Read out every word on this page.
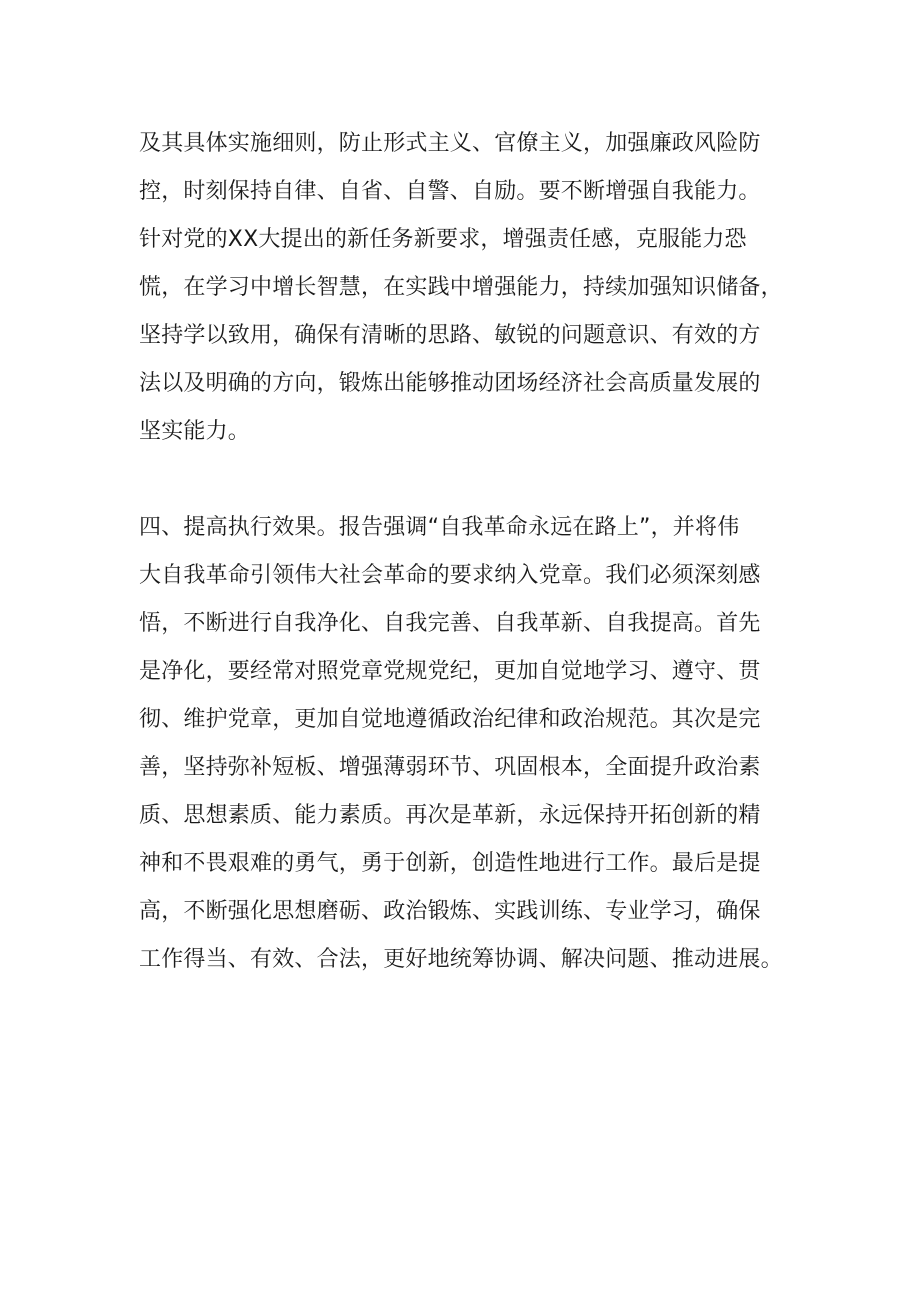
及其具体实施细则，防止形式主义、官僚主义，加强廉政风险防
控，时刻保持自律、自省、自警、自励。要不断增强自我能力。
针对党的XX大提出的新任务新要求，增强责任感，克服能力恐
慌，在学习中增长智慧，在实践中增强能力，持续加强知识储备，
坚持学以致用，确保有清晰的思路、敏锐的问题意识、有效的方
法以及明确的方向，锻炼出能够推动团场经济社会高质量发展的
坚实能力。
四、提高执行效果。报告强调“自我革命永远在路上”，并将伟
大自我革命引领伟大社会革命的要求纳入党章。我们必须深刻感
悟，不断进行自我净化、自我完善、自我革新、自我提高。首先
是净化，要经常对照党章党规党纪，更加自觉地学习、遵守、贯
彻、维护党章，更加自觉地遵循政治纪律和政治规范。其次是完
善，坚持弥补短板、增强薄弱环节、巩固根本，全面提升政治素
质、思想素质、能力素质。再次是革新，永远保持开拓创新的精
神和不畏艰难的勇气，勇于创新，创造性地进行工作。最后是提
高，不断强化思想磨砺、政治锻炼、实践训练、专业学习，确保
工作得当、有效、合法，更好地统筹协调、解决问题、推动进展。
